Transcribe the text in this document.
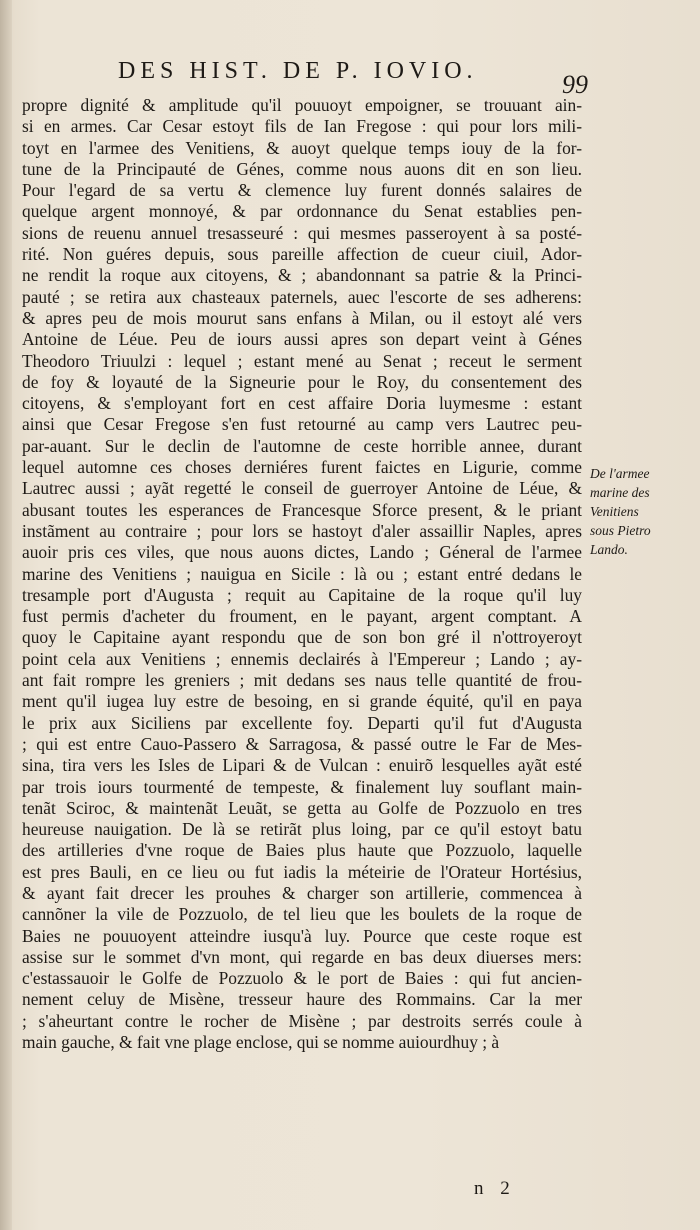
DES HIST. DE P. IOVIO.	99
propre dignité & amplitude qu'il pouuoyt empoigner, se trouuant ain-
si en armes. Car Cesar estoyt fils de Ian Fregose : qui pour lors mili-
toyt en l'armee des Venitiens, & auoyt quelque temps iouy de la for-
tune de la Principauté de Génes, comme nous auons dit en son lieu.
Pour l'egard de sa vertu & clemence luy furent donnés salaires de
quelque argent monnoyé, & par ordonnance du Senat establies pen-
sions de reuenu annuel tresasseuré : qui mesmes passeroyent à sa posté-
rité. Non guéres depuis, sous pareille affection de cueur ciuil, Ador-
ne rendit la roque aux citoyens, & ; abandonnant sa patrie & la Princi-
pauté ; se retira aux chasteaux paternels, auec l'escorte de ses adherens:
& apres peu de mois mourut sans enfans à Milan, ou il estoyt alé vers
Antoine de Léue. Peu de iours aussi apres son depart veint à Génes
Theodoro Triuulzi : lequel ; estant mené au Senat ; receut le serment
de foy & loyauté de la Signeurie pour le Roy, du consentement des
citoyens, & s'employant fort en cest affaire Doria luymesme : estant
ainsi que Cesar Fregose s'en fust retourné au camp vers Lautrec peu-
par-auant. Sur le declin de l'automne de ceste horrible annee, durant
lequel automne ces choses derniéres furent faictes en Ligurie, comme
Lautrec aussi ; ayãt regetté le conseil de guerroyer Antoine de Léue, &
abusant toutes les esperances de Francesque Sforce present, & le priant
instãment au contraire ; pour lors se hastoyt d'aler assaillir Naples, apres
auoir pris ces viles, que nous auons dictes, Lando ; Géneral de l'armee
marine des Venitiens ; nauigua en Sicile : là ou ; estant entré dedans le
tresample port d'Augusta ; requit au Capitaine de la roque qu'il luy
fust permis d'acheter du froument, en le payant, argent comptant. A
quoy le Capitaine ayant respondu que de son bon gré il n'ottroyeroyt
point cela aux Venitiens ; ennemis declairés à l'Empereur ; Lando ; ay-
ant fait rompre les greniers ; mit dedans ses naus telle quantité de frou-
ment qu'il iugea luy estre de besoing, en si grande équité, qu'il en paya
le prix aux Siciliens par excellente foy. Departi qu'il fut d'Augusta
; qui est entre Cauo-Passero & Sarragosa, & passé outre le Far de Mes-
sina, tira vers les Isles de Lipari & de Vulcan : enuirõ lesquelles ayãt esté
par trois iours tourmenté de tempeste, & finalement luy souflant main-
tenãt Sciroc, & maintenãt Leuãt, se getta au Golfe de Pozzuolo en tres
heureuse nauigation. De là se retirãt plus loing, par ce qu'il estoyt batu
des artilleries d'vne roque de Baies plus haute que Pozzuolo, laquelle
est pres Bauli, en ce lieu ou fut iadis la méteirie de l'Orateur Hortésius,
& ayant fait drecer les prouhes & charger son artillerie, commencea à
cannõner la vile de Pozzuolo, de tel lieu que les boulets de la roque de
Baies ne pouuoyent atteindre iusqu'à luy. Pource que ceste roque est
assise sur le sommet d'vn mont, qui regarde en bas deux diuerses mers:
c'estassauoir le Golfe de Pozzuolo & le port de Baies : qui fut ancien-
nement celuy de Misène, tresseur haure des Rommains. Car la mer
; s'aheurtant contre le rocher de Misène ; par destroits serrés coule à
main gauche, & fait vne plage enclose, qui se nomme auiourdhuy ; à
De l'armee
marine des
Venitiens
sous Pietro
Lando.
n 2
